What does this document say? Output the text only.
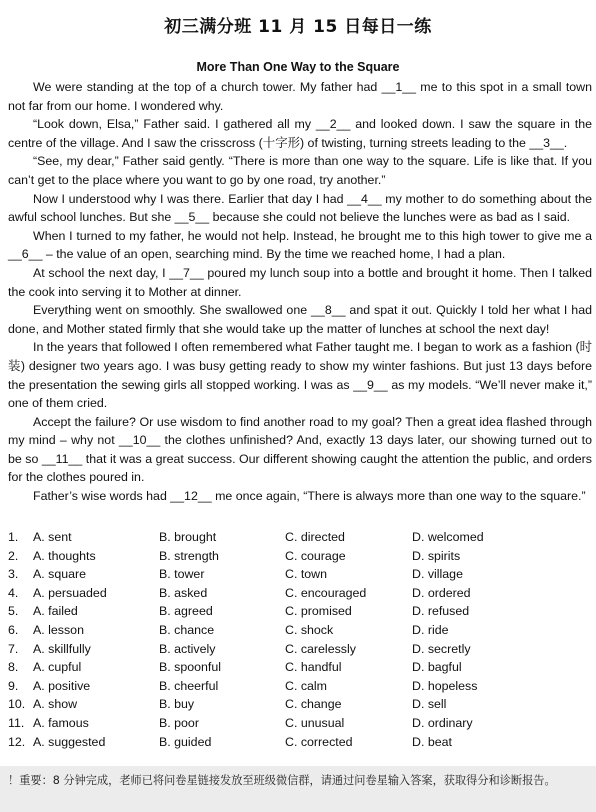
初三满分班 11 月 15 日每日一练
More Than One Way to the Square

We were standing at the top of a church tower. My father had __1__ me to this spot in a small town not far from our home. I wondered why.

“Look down, Elsa,” Father said. I gathered all my __2__ and looked down. I saw the square in the centre of the village. And I saw the crisscross (十字形) of twisting, turning streets leading to the __3__.

“See, my dear,” Father said gently. “There is more than one way to the square. Life is like that. If you can’t get to the place where you want to go by one road, try another.”

Now I understood why I was there. Earlier that day I had __4__ my mother to do something about the awful school lunches. But she __5__ because she could not believe the lunches were as bad as I said.

When I turned to my father, he would not help. Instead, he brought me to this high tower to give me a __6__ – the value of an open, searching mind. By the time we reached home, I had a plan.

At school the next day, I __7__ poured my lunch soup into a bottle and brought it home. Then I talked the cook into serving it to Mother at dinner.

Everything went on smoothly. She swallowed one __8__ and spat it out. Quickly I told her what I had done, and Mother stated firmly that she would take up the matter of lunches at school the next day!

In the years that followed I often remembered what Father taught me. I began to work as a fashion (时装) designer two years ago. I was busy getting ready to show my winter fashions. But just 13 days before the presentation the sewing girls all stopped working. I was as __9__ as my models. “We’ll never make it,” one of them cried.

Accept the failure? Or use wisdom to find another road to my goal? Then a great idea flashed through my mind – why not __10__ the clothes unfinished? And, exactly 13 days later, our showing turned out to be so __11__ that it was a great success. Our different showing caught the attention the public, and orders for the clothes poured in.

Father’s wise words had __12__ me once again, “There is always more than one way to the square.”

1. A. sent	B. brought	C. directed	D. welcomed
2. A. thoughts	B. strength	C. courage	D. spirits
3. A. square	B. tower	C. town	D. village
4. A. persuaded	B. asked	C. encouraged	D. ordered
5. A. failed	B. agreed	C. promised	D. refused
6. A. lesson	B. chance	C. shock	D. ride
7. A. skillfully	B. actively	C. carelessly	D. secretly
8. A. cupful	B. spoonful	C. handful	D. bagful
9. A. positive	B. cheerful	C. calm	D. hopeless
10. A. show	B. buy	C. change	D. sell
11. A. famous	B. poor	C. unusual	D. ordinary
12. A. suggested	B. guided	C. corrected	D. beat
！重要：8 分钟完成，老师已将问卷星链接发放至班级微信群，请通过问卷星输入答案，获取得分和诊断报告。
